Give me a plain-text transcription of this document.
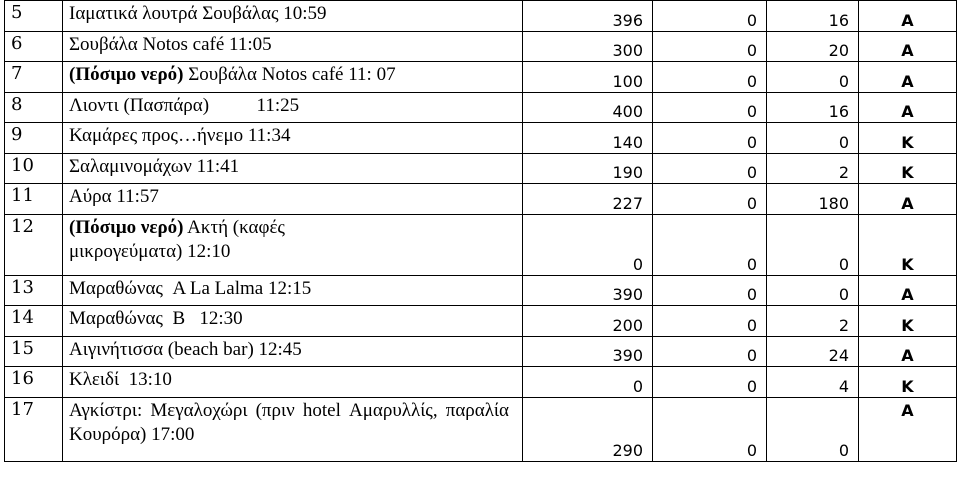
5	Ιαματικά λουτρά Σουβάλας 10:59	396	0	16	A
6	Σουβάλα Notos café 11:05	300	0	20	A
7	(Πόσιμο νερό) Σουβάλα Notos café 11: 07	100	0	0	A
8	Λιοντι (Πασπάρα)          11:25	400	0	16	A
9	Καμάρες προς…ήνεμο 11:34	140	0	0	K
10	Σαλαμινομάχων 11:41	190	0	2	K
11	Αύρα 11:57	227	0	180	A
12	(Πόσιμο νερό) Ακτή (καφές μικρογεύματα) 12:10	0	0	0	K
13	Μαραθώνας  A La Lalma 12:15	390	0	0	A
14	Μαραθώνας  B   12:30	200	0	2	K
15	Αιγινήτισσα (beach bar) 12:45	390	0	24	A
16	Κλειδί  13:10	0	0	4	K
17	Αγκίστρι: Μεγαλοχώρι (πριν hotel Αμαρυλλίς, παραλία Κουρόρα) 17:00	290	0	0	A
